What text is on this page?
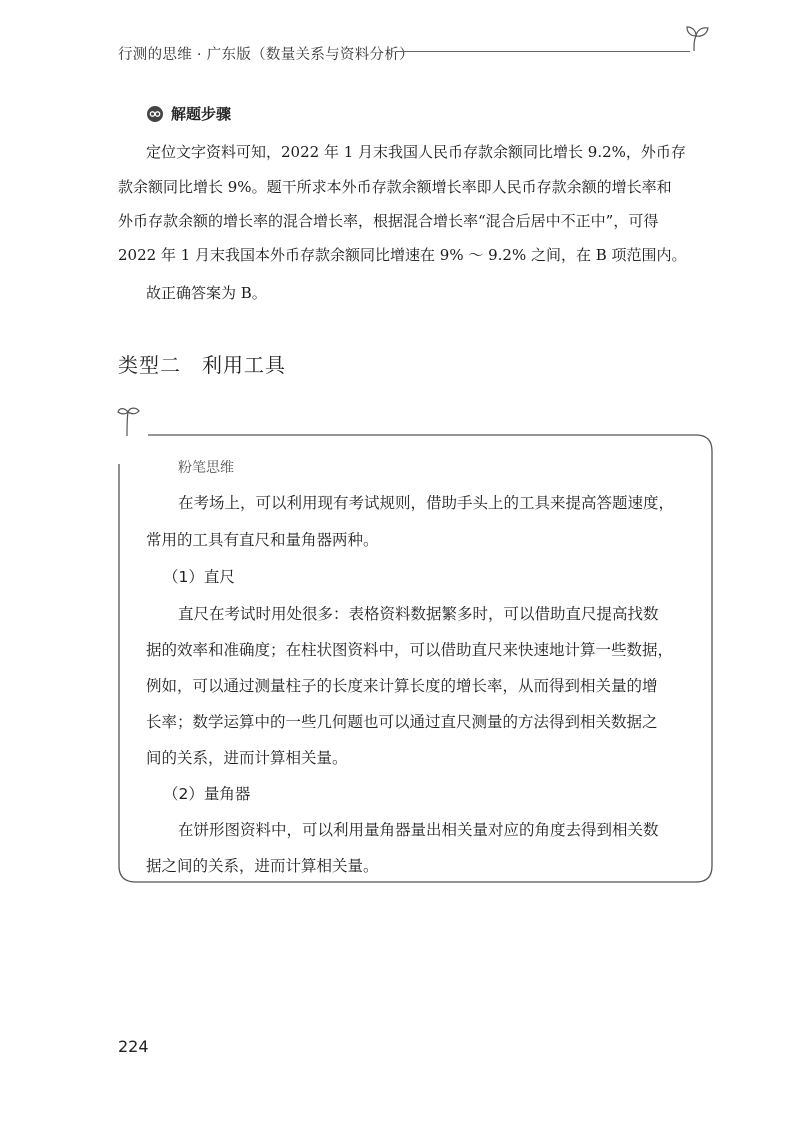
行测的思维 · 广东版（数量关系与资料分析）
解题步骤
定位文字资料可知，2022 年 1 月末我国人民币存款余额同比增长 9.2%，外币存
款余额同比增长 9%。题干所求本外币存款余额增长率即人民币存款余额的增长率和
外币存款余额的增长率的混合增长率，根据混合增长率“混合后居中不正中”，可得
2022 年 1 月末我国本外币存款余额同比增速在 9% ～ 9.2% 之间，在 B 项范围内。
故正确答案为 B。
类型二　利用工具
粉笔思维
在考场上，可以利用现有考试规则，借助手头上的工具来提高答题速度，
常用的工具有直尺和量角器两种。
（1）直尺
直尺在考试时用处很多：表格资料数据繁多时，可以借助直尺提高找数
据的效率和准确度；在柱状图资料中，可以借助直尺来快速地计算一些数据，
例如，可以通过测量柱子的长度来计算长度的增长率，从而得到相关量的增
长率；数学运算中的一些几何题也可以通过直尺测量的方法得到相关数据之
间的关系，进而计算相关量。
（2）量角器
在饼形图资料中，可以利用量角器量出相关量对应的角度去得到相关数
据之间的关系，进而计算相关量。
224
